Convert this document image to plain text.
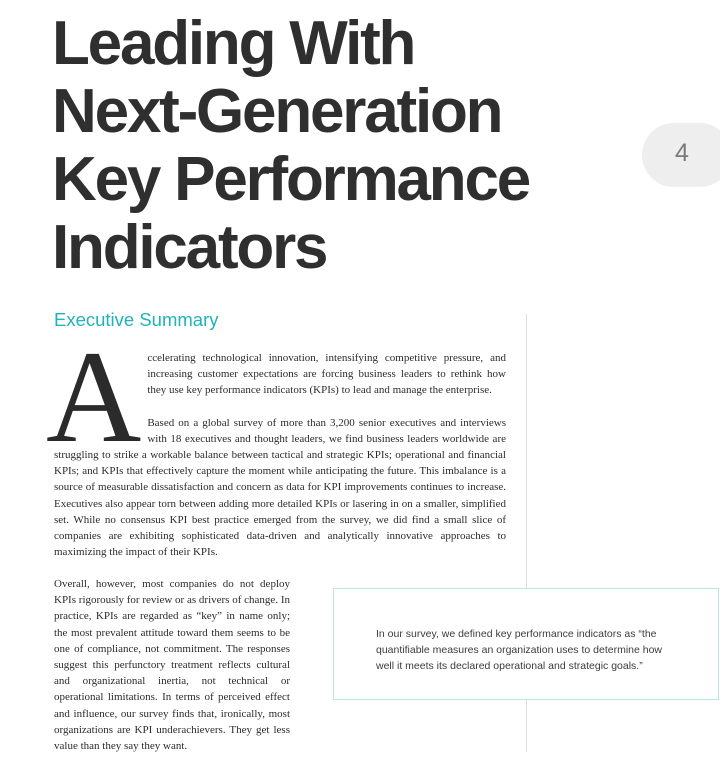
Leading With
Next-Generation
Key Performance
Indicators
4
Executive Summary
A ccelerating technological innovation, intensifying competitive pressure, and increasing customer expectations are forcing business leaders to rethink how they use key performance indicators (KPIs) to lead and manage the enterprise.

Based on a global survey of more than 3,200 senior executives and interviews with 18 executives and thought leaders, we find business leaders worldwide are struggling to strike a workable balance between tactical and strategic KPIs; operational and financial KPIs; and KPIs that effectively capture the moment while anticipating the future. This imbalance is a source of measurable dissatisfaction and concern as data for KPI improvements continues to increase. Executives also appear torn between adding more detailed KPIs or lasering in on a smaller, simplified set. While no consensus KPI best practice emerged from the survey, we did find a small slice of companies are exhibiting sophisticated data-driven and analytically innovative approaches to maximizing the impact of their KPIs.

Overall, however, most companies do not deploy KPIs rigorously for review or as drivers of change. In practice, KPIs are regarded as “key” in name only; the most prevalent attitude toward them seems to be one of compliance, not commitment. The responses suggest this perfunctory treatment reflects cultural and organizational inertia, not technical or operational limitations. In terms of perceived effect and influence, our survey finds that, ironically, most organizations are KPI underachievers. They get less value than they say they want.

In our survey, we defined key performance indicators as “the quantifiable measures an organization uses to determine how well it meets its declared operational and strategic goals.”
